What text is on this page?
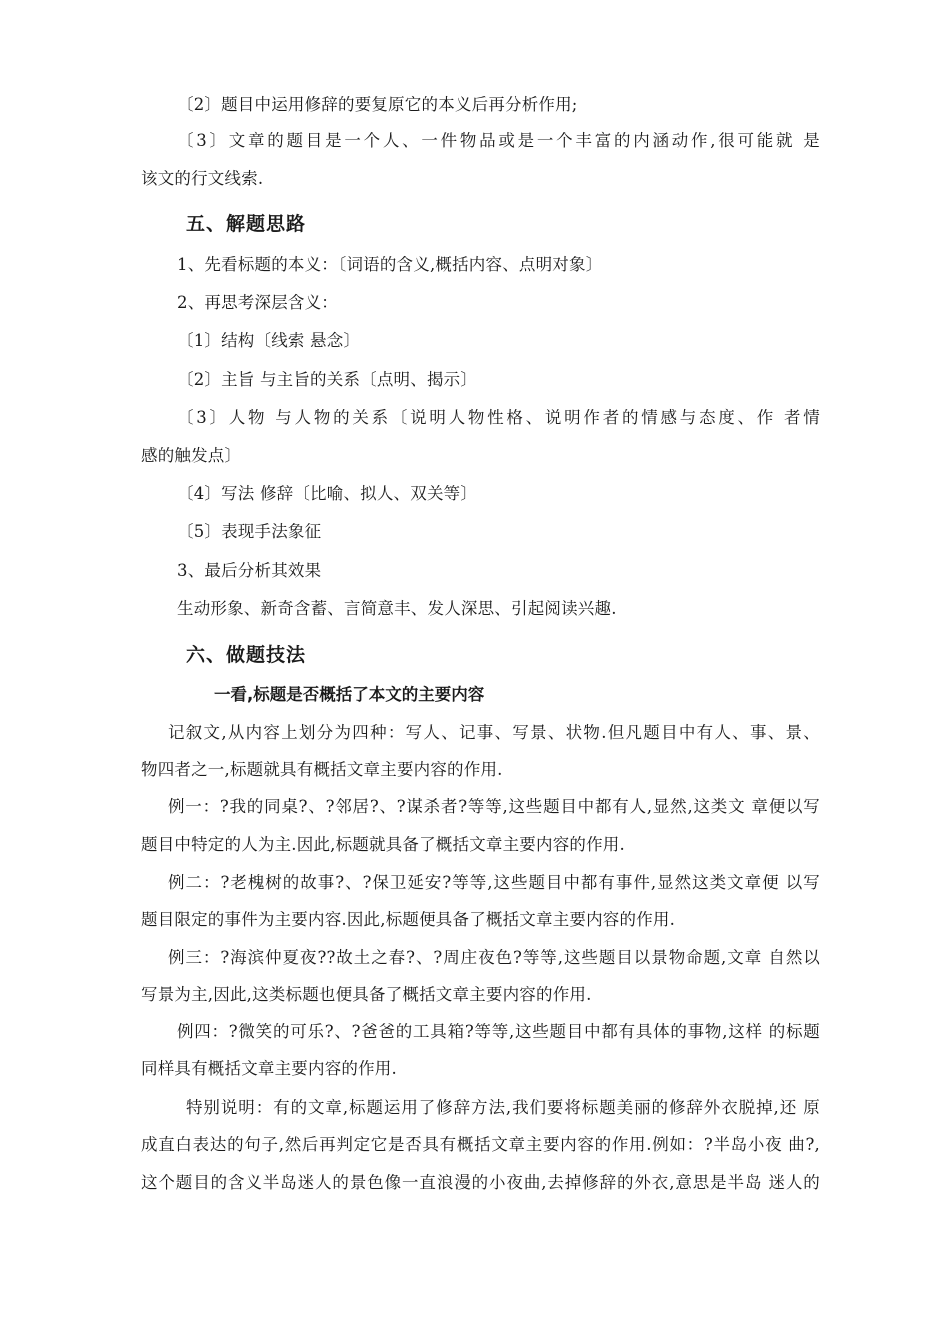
〔2〕题目中运用修辞的要复原它的本义后再分析作用;
〔3〕文章的题目是一个人、一件物品或是一个丰富的内涵动作,很可能就 是
该文的行文线索.
五、解题思路
1、先看标题的本义：〔词语的含义,概括内容、点明对象〕
2、再思考深层含义：
〔1〕结构〔线索 悬念〕
〔2〕主旨 与主旨的关系〔点明、揭示〕
〔3〕人物 与人物的关系〔说明人物性格、说明作者的情感与态度、作 者情
感的触发点〕
〔4〕写法 修辞〔比喻、拟人、双关等〕
〔5〕表现手法象征
3、最后分析其效果
生动形象、新奇含蓄、言简意丰、发人深思、引起阅读兴趣.
六、做题技法
一看,标题是否概括了本文的主要内容
记叙文,从内容上划分为四种：写人、记事、写景、状物.但凡题目中有人、事、景、
物四者之一,标题就具有概括文章主要内容的作用.
例一：?我的同桌?、?邻居?、?谋杀者?等等,这些题目中都有人,显然,这类文 章便以写
题目中特定的人为主.因此,标题就具备了概括文章主要内容的作用.
例二：?老槐树的故事?、?保卫延安?等等,这些题目中都有事件,显然这类文章便 以写
题目限定的事件为主要内容.因此,标题便具备了概括文章主要内容的作用.
例三：?海滨仲夏夜??故土之春?、?周庄夜色?等等,这些题目以景物命题,文章 自然以
写景为主,因此,这类标题也便具备了概括文章主要内容的作用.
例四：?微笑的可乐?、?爸爸的工具箱?等等,这些题目中都有具体的事物,这样 的标题
同样具有概括文章主要内容的作用.
特别说明：有的文章,标题运用了修辞方法,我们要将标题美丽的修辞外衣脱掉,还 原
成直白表达的句子,然后再判定它是否具有概括文章主要内容的作用.例如：?半岛小夜 曲?,
这个题目的含义半岛迷人的景色像一直浪漫的小夜曲,去掉修辞的外衣,意思是半岛 迷人的
